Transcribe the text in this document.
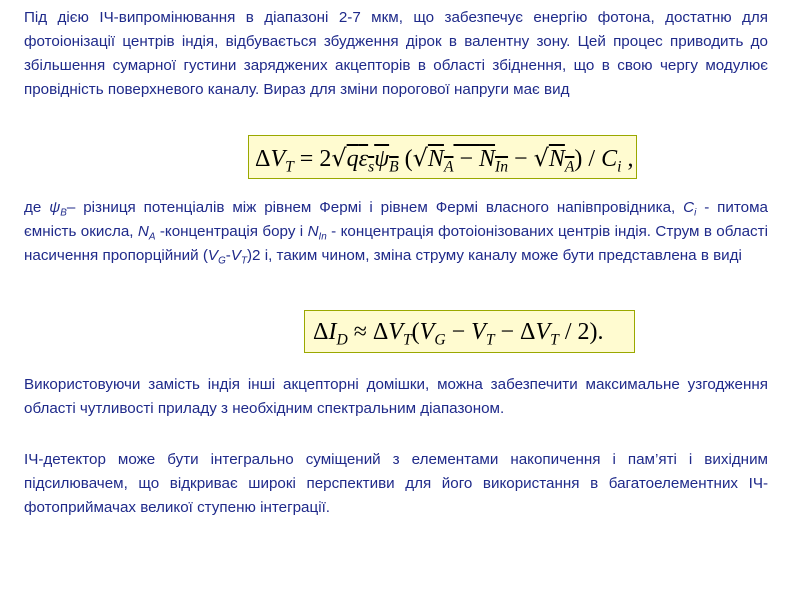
Під дією ІЧ-випромінювання в діапазоні 2-7 мкм, що забезпечує енергію фотона, достатню для фотоіонізації центрів індія, відбувається збудження дірок в валентну зону. Цей процес приводить до збільшення сумарної густини заряджених акцепторів в області збіднення, що в свою чергу модулює провідність поверхневого каналу. Вираз для зміни порогової напруги має вид
$\Delta V_T = 2√q\varepsilon_s\psi_B$ $(√N_A - N_{In} - √N_A) / C_i$ ,
де $\psi_B-$ різниця потенціалів між рівнем Фермі і рівнем Фермі власного напівпровідника, $C_i$ - питома ємність окисла, $N_A$ -концентрація бору і $N_{In}$ - концентрація фотоіонізованих центрів індія. Струм в області насичення пропорційний $(V_G-V_T)2$ і, таким чином, зміна струму каналу може бути представлена в виді
$\Delta I_D \approx \Delta V_T(V_G - V_T - \Delta V_T / 2)$.
Використовуючи замість індія інші акцепторні домішки, можна забезпечити максимальне узгодження області чутливості приладу з необхідним спектральним діапазоном.
ІЧ-детектор може бути інтегрально суміщений з елементами накопичення і пам’яті і вихідним підсилювачем, що відкриває широкі перспективи для його використання в багатоелементних ІЧ-фотоприймачах великої ступеню інтеграції.
